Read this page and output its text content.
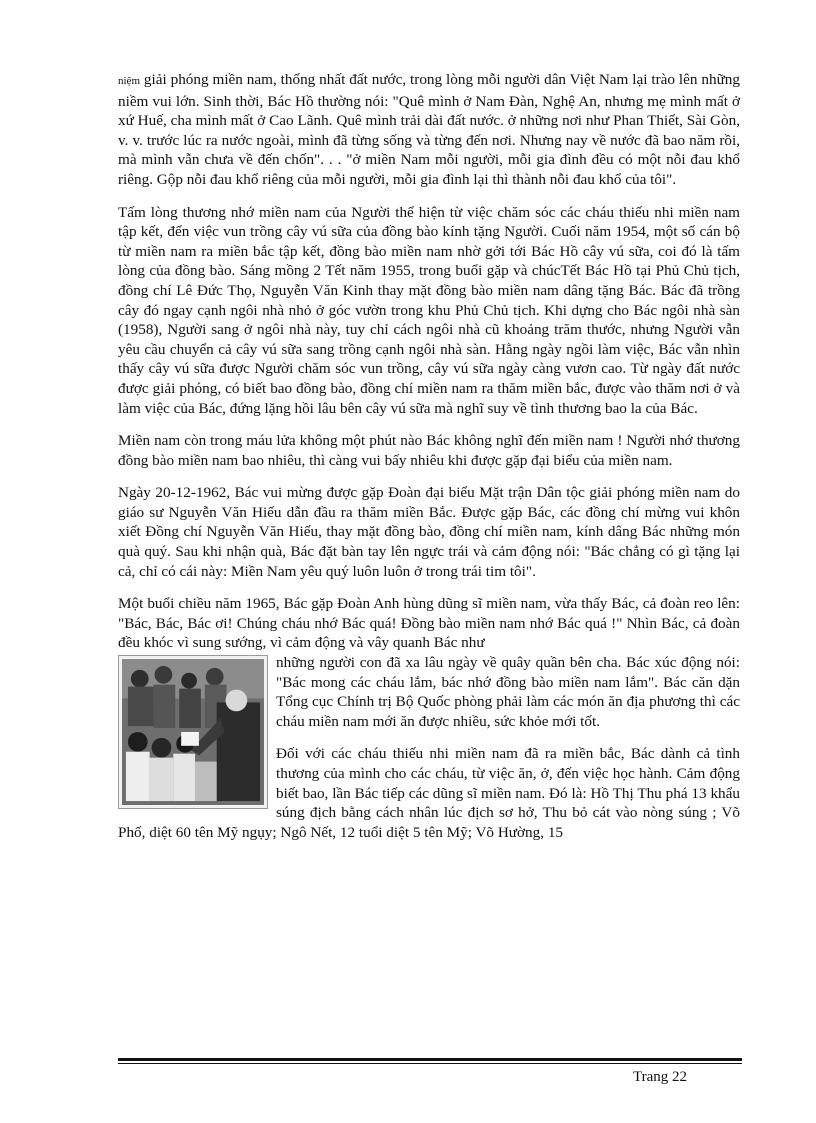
niệm giải phóng miền nam, thống nhất đất nước, trong lòng mỗi người dân Việt Nam lại trào lên những niềm vui lớn. Sinh thời, Bác Hồ thường nói: "Quê mình ở Nam Đàn, Nghệ An, nhưng mẹ mình mất ở xứ Huế, cha mình mất ở Cao Lãnh. Quê mình trải dài đất nước. ở những nơi như Phan Thiết, Sài Gòn, v. v. trước lúc ra nước ngoài, mình đã từng sống và từng đến nơi. Nhưng nay về nước đã bao năm rồi, mà mình vẫn chưa về đến chốn". . . "ở miền Nam mỗi người, mỗi gia đình đều có một nỗi đau khổ riêng. Gộp nỗi đau khổ riêng của mỗi người, mỗi gia đình lại thì thành nỗi đau khổ của tôi".

Tấm lòng thương nhớ miền nam của Người thể hiện từ việc chăm sóc các cháu thiếu nhi miền nam tập kết, đến việc vun trồng cây vú sữa của đồng bào kính tặng Người. Cuối năm 1954, một số cán bộ từ miền nam ra miền bắc tập kết, đồng bào miền nam nhờ gởi tới Bác Hồ cây vú sữa, coi đó là tấm lòng của đồng bào. Sáng mồng 2 Tết năm 1955, trong buổi gặp và chúcTết Bác Hồ tại Phủ Chủ tịch, đồng chí Lê Đức Thọ, Nguyễn Văn Kinh thay mặt đồng bào miền nam dâng tặng Bác. Bác đã trồng cây đó ngay cạnh ngôi nhà nhỏ ở góc vườn trong khu Phủ Chủ tịch. Khi dựng cho Bác ngôi nhà sàn (1958), Người sang ở ngôi nhà này, tuy chỉ cách ngôi nhà cũ khoảng trăm thước, nhưng Người vẫn yêu cầu chuyển cả cây vú sữa sang trồng cạnh ngôi nhà sàn. Hằng ngày ngồi làm việc, Bác vẫn nhìn thấy cây vú sữa được Người chăm sóc vun trồng, cây vú sữa ngày càng vươn cao. Từ ngày đất nước được giải phóng, có biết bao đồng bào, đồng chí miền nam ra thăm miền bắc, được vào thăm nơi ở và làm việc của Bác, đứng lặng hồi lâu bên cây vú sữa mà nghĩ suy về tình thương bao la của Bác.

Miền nam còn trong máu lửa không một phút nào Bác không nghĩ đến miền nam ! Người nhớ thương đồng bào miền nam bao nhiêu, thì càng vui bấy nhiêu khi được gặp đại biểu của miền nam.

Ngày 20-12-1962, Bác vui mừng được gặp Đoàn đại biểu Mặt trận Dân tộc giải phóng miền nam do giáo sư Nguyễn Văn Hiếu dẫn đầu ra thăm miền Bắc. Được gặp Bác, các đồng chí mừng vui khôn xiết Đồng chí Nguyễn Văn Hiếu, thay mặt đồng bào, đồng chí miền nam, kính dâng Bác những món quà quý. Sau khi nhận quà, Bác đặt bàn tay lên ngực trái và cảm động nói: "Bác chẳng có gì tặng lại cả, chỉ có cái này: Miền Nam yêu quý luôn luôn ở trong trái tim tôi".

Một buổi chiều năm 1965, Bác gặp Đoàn Anh hùng dũng sĩ miền nam, vừa thấy Bác, cả đoàn reo lên: "Bác, Bác, Bác ơi! Chúng cháu nhớ Bác quá! Đồng bào miền nam nhớ Bác quá !" Nhìn Bác, cả đoàn đều khóc vì sung sướng, vì cảm động và vây quanh Bác như

những người con đã xa lâu ngày về quây quần bên cha. Bác xúc động nói: "Bác mong các cháu lắm, bác nhớ đồng bào miền nam lắm". Bác căn dặn Tổng cục Chính trị Bộ Quốc phòng phải làm các món ăn địa phương thì các cháu miền nam mới ăn được nhiều, sức khỏe mới tốt.

Đối với các cháu thiếu nhi miền nam đã ra miền bắc, Bác dành cả tình thương của mình cho các cháu, từ việc ăn, ở, đến việc học hành. Cảm động biết bao, lần Bác tiếp các dũng sĩ miền nam. Đó là: Hồ Thị Thu phá 13 khẩu súng địch bằng cách nhân lúc địch sơ hở, Thu bỏ cát vào nòng súng ; Võ Phố, diệt 60 tên Mỹ ngụy; Ngô Nết, 12 tuổi diệt 5 tên Mỹ; Võ Hường, 15

Trang 22
